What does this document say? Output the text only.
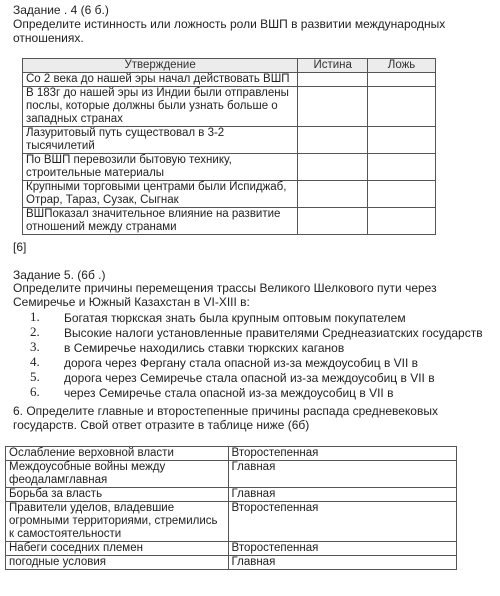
Задание . 4 (6 б.)
Определите истинность или ложность роли ВШП в развитии международных отношениях.
Утверждение	Истина	Ложь
Со 2 века до нашей эры начал действовать ВШП		
В 183г до нашей эры из Индии были отправлены послы, которые должны были узнать больше о западных странах		
Лазуритовый путь существовал в 3-2 тысячилетий		
По ВШП перевозили бытовую технику, строительные материалы		
Крупными торговыми центрами были Испиджаб, Отрар, Тараз, Сузак, Сыгнак		
ВШПоказал значительное влияние на развитие отношений между странами		
[6]
Задание 5. (6б .)
Определите причины перемещения трассы Великого Шелкового пути через Семиречье и Южный Казахстан в VI-XIII в:
1. Богатая тюркская знать была крупным оптовым покупателем
2. Высокие налоги установленные правителями Среднеазиатских государств
3. в Семиречье находились ставки тюркских каганов
4. дорога через Фергану стала опасной из-за междоусобиц в VII в
5. дорога через Семиречье стала опасной из-за междоусобиц в VII в
6. через Семиречье стала опасной из-за междоусобиц в VII в
6. Определите главные и второстепенные причины распада средневековых государств. Свой ответ отразите в таблице ниже (6б)
Ослабление верховной власти	Второстепенная
Междоусобные войны между феодаламглавная	Главная
Борьба за власть	Главная
Правители уделов, владевшие огромными территориями, стремились к самостоятельности	Второстепенная
Набеги соседних племен	Второстепенная
погодные условия	Главная
